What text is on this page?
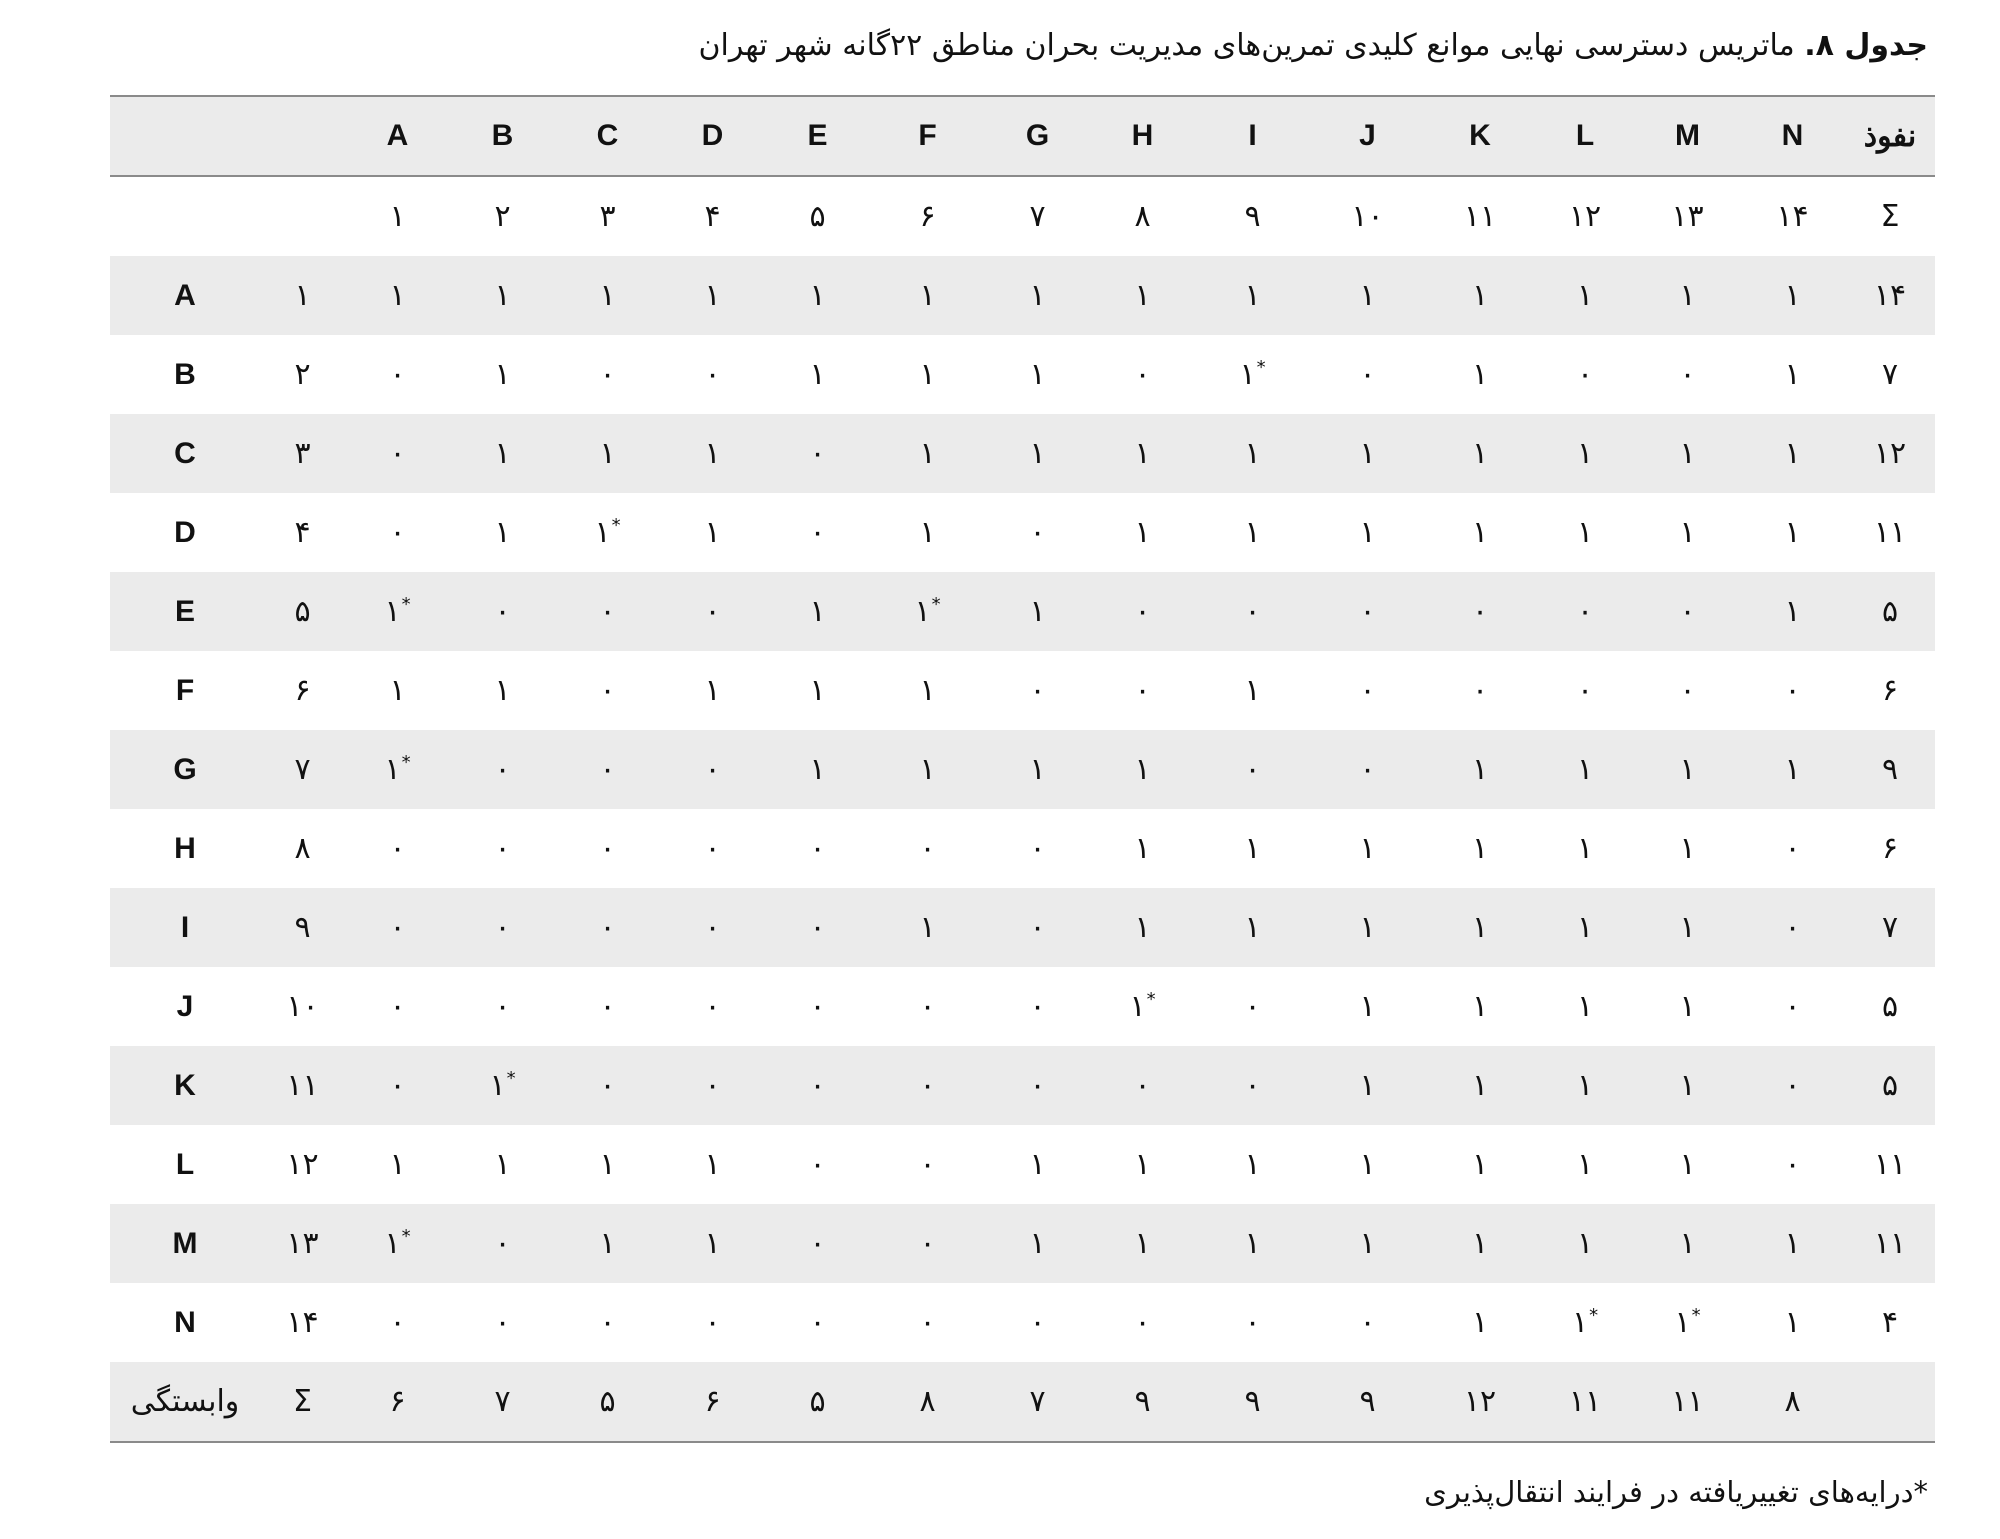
جدول ۸. ماتریس دسترسی نهایی موانع کلیدی تمرین‌های مدیریت بحران مناطق ۲۲گانه شهر تهران
		A	B	C	D	E	F	G	H	I	J	K	L	M	N	نفوذ
		۱	۲	۳	۴	۵	۶	۷	۸	۹	۱۰	۱۱	۱۲	۱۳	۱۴	Σ
A	۱	۱	۱	۱	۱	۱	۱	۱	۱	۱	۱	۱	۱	۱	۱	۱۴
B	۲	۰	۱	۰	۰	۱	۱	۱	۰	۱*	۰	۱	۰	۰	۱	۷
C	۳	۰	۱	۱	۱	۰	۱	۱	۱	۱	۱	۱	۱	۱	۱	۱۲
D	۴	۰	۱	۱*	۱	۰	۱	۰	۱	۱	۱	۱	۱	۱	۱	۱۱
E	۵	۱*	۰	۰	۰	۱	۱*	۱	۰	۰	۰	۰	۰	۰	۱	۵
F	۶	۱	۱	۰	۱	۱	۱	۰	۰	۱	۰	۰	۰	۰	۰	۶
G	۷	۱*	۰	۰	۰	۱	۱	۱	۱	۰	۰	۱	۱	۱	۱	۹
H	۸	۰	۰	۰	۰	۰	۰	۰	۱	۱	۱	۱	۱	۱	۰	۶
I	۹	۰	۰	۰	۰	۰	۱	۰	۱	۱	۱	۱	۱	۱	۰	۷
J	۱۰	۰	۰	۰	۰	۰	۰	۰	۱*	۰	۱	۱	۱	۱	۰	۵
K	۱۱	۰	۱*	۰	۰	۰	۰	۰	۰	۰	۱	۱	۱	۱	۰	۵
L	۱۲	۱	۱	۱	۱	۰	۰	۱	۱	۱	۱	۱	۱	۱	۰	۱۱
M	۱۳	۱*	۰	۱	۱	۰	۰	۱	۱	۱	۱	۱	۱	۱	۱	۱۱
N	۱۴	۰	۰	۰	۰	۰	۰	۰	۰	۰	۰	۱	۱*	۱*	۱	۴
وابستگی	Σ	۶	۷	۵	۶	۵	۸	۷	۹	۹	۹	۱۲	۱۱	۱۱	۸	
*درایه‌های تغییریافته در فرایند انتقال‌پذیری
